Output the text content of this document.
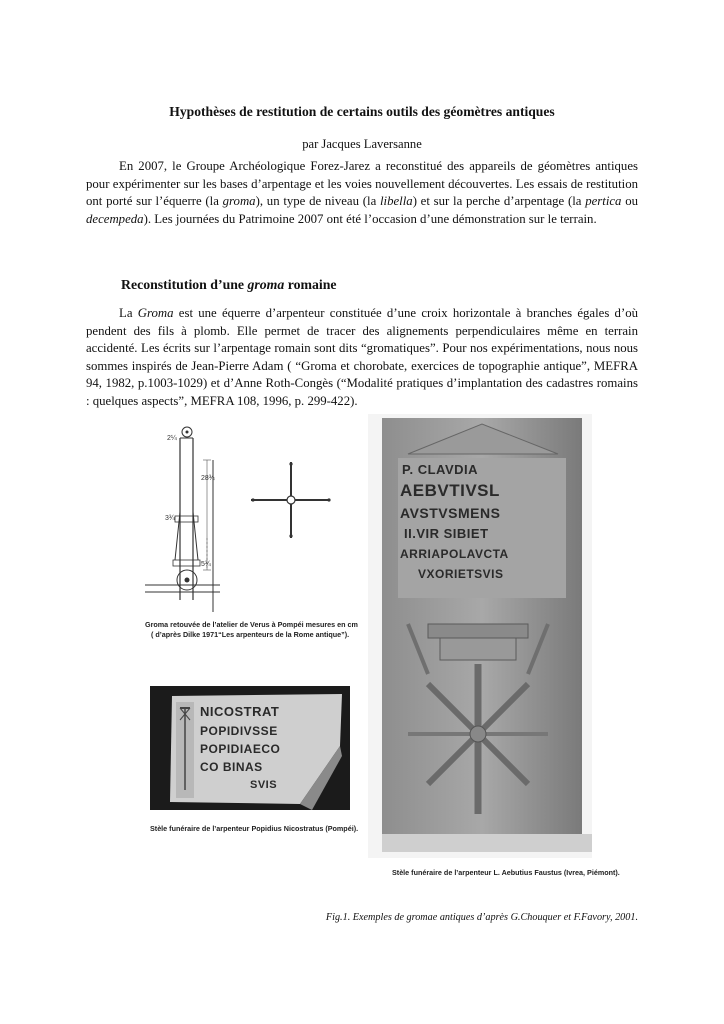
Hypothèses de restitution de certains outils des géomètres antiques
par Jacques Laversanne

En 2007, le Groupe Archéologique Forez-Jarez a reconstitué des appareils de géomètres antiques pour expérimenter sur les bases d’arpentage et les voies nouvellement découvertes. Les essais de restitution ont porté sur l’équerre (la groma), un type de niveau (la libella) et sur la perche d’arpentage (la pertica ou decempeda). Les journées du Patrimoine 2007 ont été l’occasion d’une démonstration sur le terrain.

Reconstitution d’une groma romaine

La Groma est une équerre d’arpenteur constituée d’une croix horizontale à branches égales d’où pendent des fils à plomb. Elle permet de tracer des alignements perpendiculaires même en terrain accidenté. Les écrits sur l’arpentage romain sont dits “gromatiques”. Pour nos expérimentations, nous nous sommes inspirés de Jean-Pierre Adam ( “Groma et chorobate, exercices de topographie antique”, MEFRA 94, 1982, p.1003-1029) et d’Anne Roth-Congès (“Modalité pratiques d’implantation des cadastres romains : quelques aspects”, MEFRA 108, 1996, p. 299-422).

2¼
28¾
3¾
5¾
Groma retouvée de l’atelier de Verus à Pompéi mesures en cm
( d’après Dilke 1971“Les arpenteurs de la Rome antique”).
NICOSTRAT
POPIDIVSSE
POPIDIAECO
CO BINAS
SVIS
Stèle funéraire de l’arpenteur Popidius Nicostratus (Pompéi).
P. CLAVDIA
AEBVTIVSL
AVSTVSMENS
II.VIR SIBIET
ARRIAPOLAVCTA
VXORIETSVIS
Stèle funéraire de l’arpenteur L. Aebutius Faustus (Ivrea, Piémont).
Fig.1. Exemples de gromae antiques d’après G.Chouquer et F.Favory, 2001.
